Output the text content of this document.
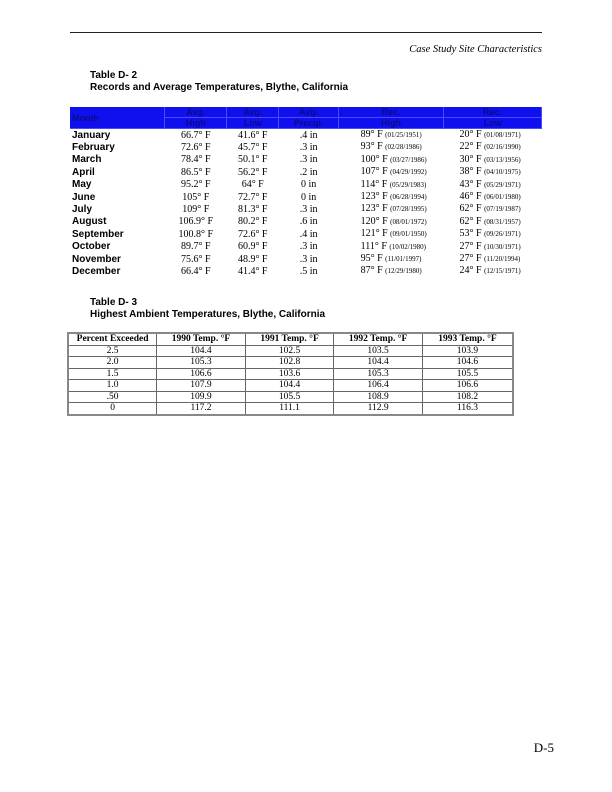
Case Study Site Characteristics
Table D- 2
Records and Average Temperatures, Blythe, California
Month	Avg.	Avg.	Avg.	Rec.	Rec.
	High	Low	Precip.	High	Low
January	66.7° F	41.6° F	.4 in	89° F (01/25/1951)	20° F (01/08/1971)
February	72.6° F	45.7° F	.3 in	93° F (02/28/1986)	22° F (02/16/1990)
March	78.4° F	50.1° F	.3 in	100° F (03/27/1986)	30° F (03/13/1956)
April	86.5° F	56.2° F	.2 in	107° F (04/29/1992)	38° F (04/10/1975)
May	95.2° F	64° F	0 in	114° F (05/29/1983)	43° F (05/29/1971)
June	105° F	72.7° F	0 in	123° F (06/28/1994)	46° F (06/01/1980)
July	109° F	81.3° F	.3 in	123° F (07/28/1995)	62° F (07/19/1987)
August	106.9° F	80.2° F	.6 in	120° F (08/01/1972)	62° F (08/31/1957)
September	100.8° F	72.6° F	.4 in	121° F (09/01/1950)	53° F (09/26/1971)
October	89.7° F	60.9° F	.3 in	111° F (10/02/1980)	27° F (10/30/1971)
November	75.6° F	48.9° F	.3 in	95° F (11/01/1997)	27° F (11/20/1994)
December	66.4° F	41.4° F	.5 in	87° F (12/29/1980)	24° F (12/15/1971)
Table D- 3
Highest Ambient Temperatures, Blythe, California
Percent Exceeded	1990 Temp. °F	1991 Temp. °F	1992 Temp. °F	1993 Temp. °F
2.5	104.4	102.5	103.5	103.9
2.0	105.3	102.8	104.4	104.6
1.5	106.6	103.6	105.3	105.5
1.0	107.9	104.4	106.4	106.6
.50	109.9	105.5	108.9	108.2
0	117.2	111.1	112.9	116.3
D-5
